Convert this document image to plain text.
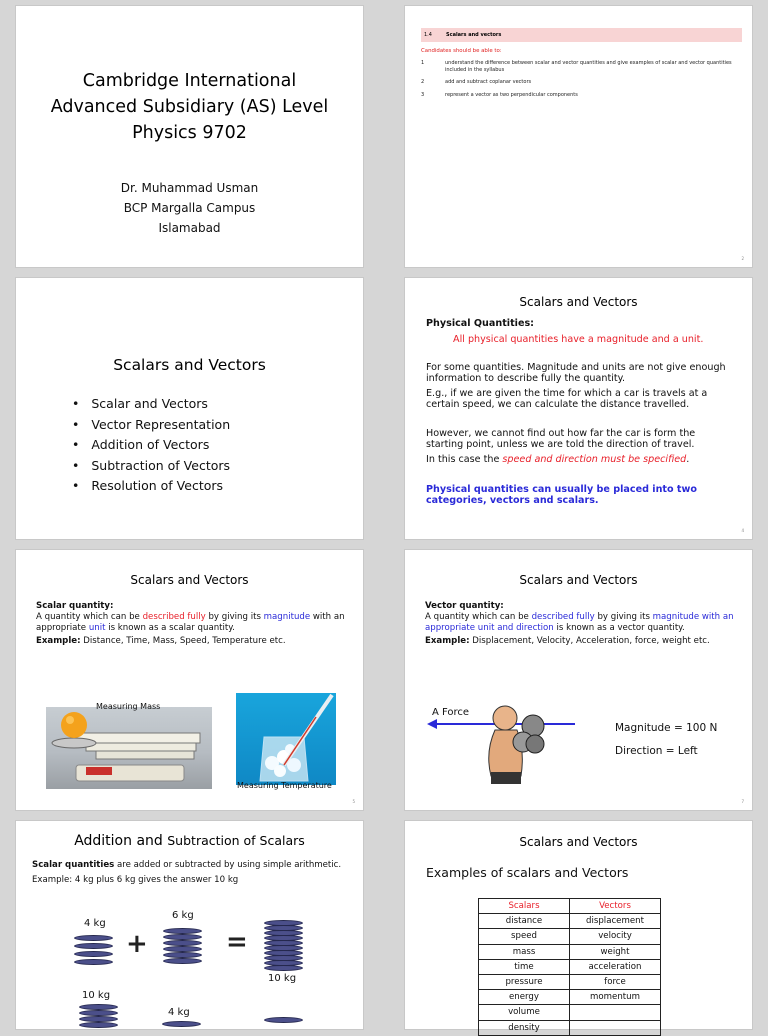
Cambridge International
Advanced Subsidiary (AS) Level
Physics 9702
Dr. Muhammad Usman
BCP Margalla Campus
Islamabad
1.4	Scalars and vectors
Candidates should be able to:
1	understand the difference between scalar and vector quantities and give examples of scalar and vector quantities included in the syllabus
2	add and subtract coplanar vectors
3	represent a vector as two perpendicular components
2
Scalars and Vectors
• Scalar and Vectors
• Vector Representation
• Addition of Vectors
• Subtraction of Vectors
• Resolution of Vectors
Scalars and Vectors
Physical Quantities:
All physical quantities have a magnitude and a unit.
For some quantities. Magnitude and units are not give enough information to describe fully the quantity.
E.g., if we are given the time for which a car is travels at a certain speed, we can calculate the distance travelled.
However, we cannot find out how far the car is form the starting point, unless we are told the direction of travel.
In this case the speed and direction must be specified.
Physical quantities can usually be placed into two categories, vectors and scalars.
4
Scalars and Vectors
Scalar quantity:
A quantity which can be described fully by giving its magnitude with an appropriate unit is known as a scalar quantity.
Example: Distance, Time, Mass, Speed, Temperature etc.
Measuring Mass
Measuring Temperature
5
Scalars and Vectors
Vector quantity:
A quantity which can be described fully by giving its magnitude with an appropriate unit and direction is known as a vector quantity.
Example: Displacement, Velocity, Acceleration, force, weight etc.
A Force
Magnitude = 100 N
Direction = Left
7
Addition and Subtraction of Scalars
Scalar quantities are added or subtracted by using simple arithmetic.
Example: 4 kg plus 6 kg gives the answer 10 kg
4 kg
+
6 kg
=
10 kg
10 kg
4 kg
Scalars and Vectors
Examples of scalars and Vectors
Scalars	Vectors
distance	displacement
speed	velocity
mass	weight
time	acceleration
pressure	force
energy	momentum
volume	
density	
